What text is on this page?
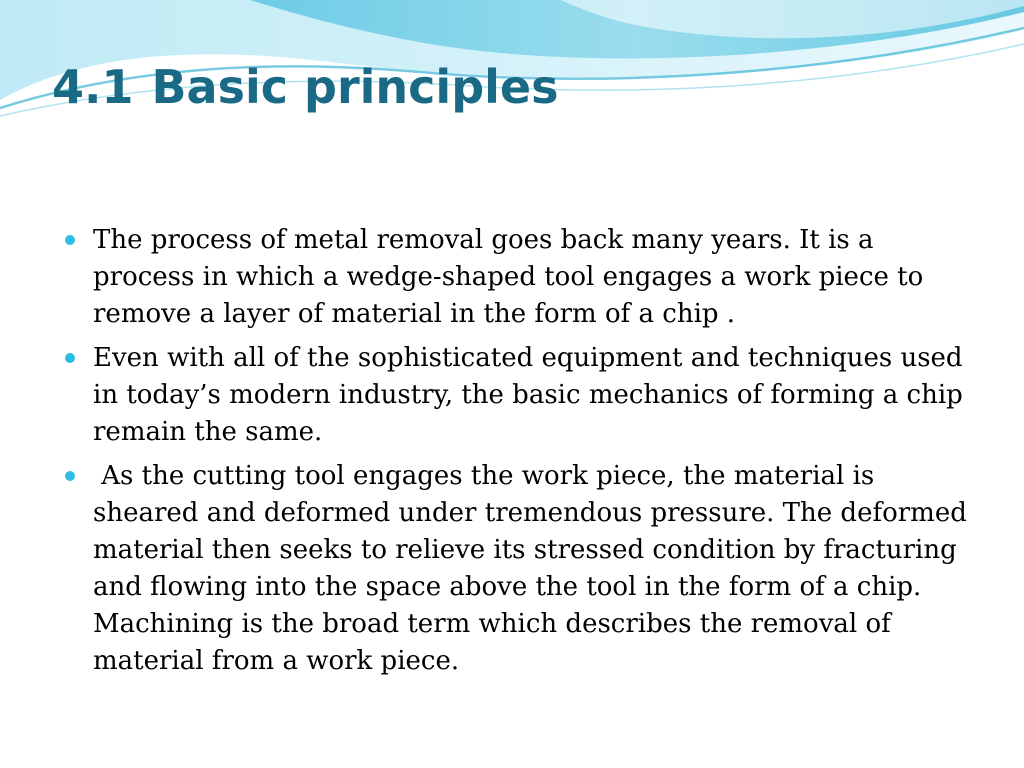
4.1 Basic principles
The process of metal removal goes back many years. It is a process in which a wedge-shaped tool engages a work piece to remove a layer of material in the form of a chip .
Even with all of the sophisticated equipment and techniques used in today’s modern industry, the basic mechanics of forming a chip remain the same.
As the cutting tool engages the work piece, the material is sheared and deformed under tremendous pressure. The deformed material then seeks to relieve its stressed condition by fracturing and flowing into the space above the tool in the form of a chip. Machining is the broad term which describes the removal of material from a work piece.
